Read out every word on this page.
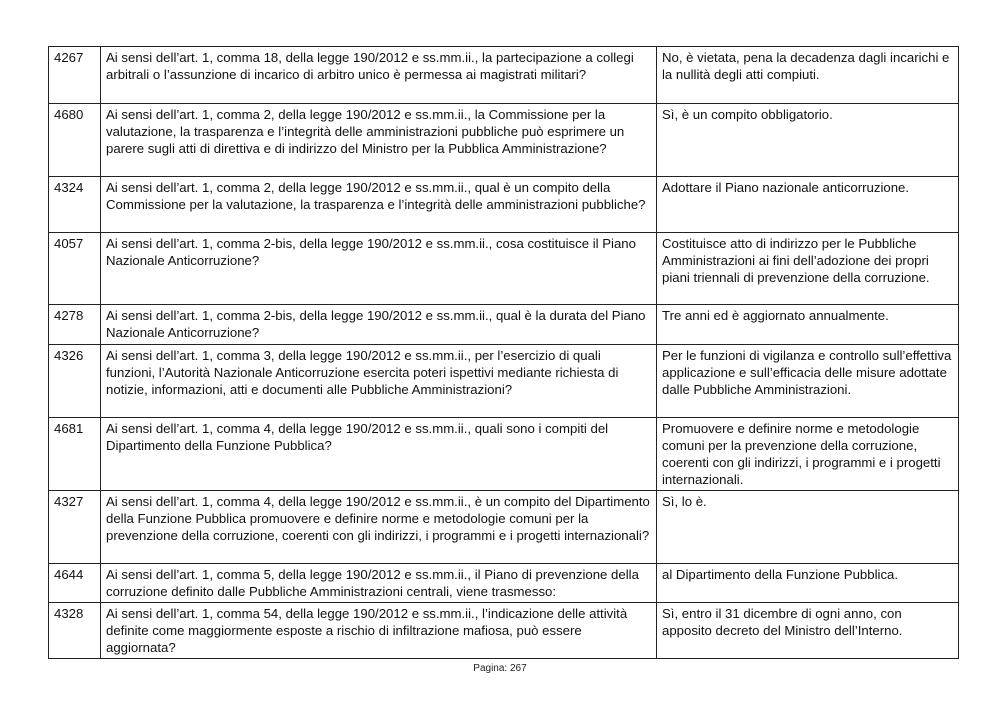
4267	Ai sensi dell’art. 1, comma 18, della legge 190/2012 e ss.mm.ii., la partecipazione a collegi arbitrali o l’assunzione di incarico di arbitro unico è permessa ai magistrati militari?	No, è vietata, pena la decadenza dagli incarichi e la nullità degli atti compiuti.
4680	Ai sensi dell’art. 1, comma 2, della legge 190/2012 e ss.mm.ii., la Commissione per la valutazione, la trasparenza e l’integrità delle amministrazioni pubbliche può esprimere un parere sugli atti di direttiva e di indirizzo del Ministro per la Pubblica Amministrazione?	Sì, è un compito obbligatorio.
4324	Ai sensi dell’art. 1, comma 2, della legge 190/2012 e ss.mm.ii., qual è un compito della Commissione per la valutazione, la trasparenza e l’integrità delle amministrazioni pubbliche?	Adottare il Piano nazionale anticorruzione.
4057	Ai sensi dell’art. 1, comma 2-bis, della legge 190/2012 e ss.mm.ii., cosa costituisce il Piano Nazionale Anticorruzione?	Costituisce atto di indirizzo per le Pubbliche Amministrazioni ai fini dell’adozione dei propri piani triennali di prevenzione della corruzione.
4278	Ai sensi dell’art. 1, comma 2-bis, della legge 190/2012 e ss.mm.ii., qual è la durata del Piano Nazionale Anticorruzione?	Tre anni ed è aggiornato annualmente.
4326	Ai sensi dell’art. 1, comma 3, della legge 190/2012 e ss.mm.ii., per l’esercizio di quali funzioni, l’Autorità Nazionale Anticorruzione esercita poteri ispettivi mediante richiesta di notizie, informazioni, atti e documenti alle Pubbliche Amministrazioni?	Per le funzioni di vigilanza e controllo sull’effettiva applicazione e sull’efficacia delle misure adottate dalle Pubbliche Amministrazioni.
4681	Ai sensi dell’art. 1, comma 4, della legge 190/2012 e ss.mm.ii., quali sono i compiti del Dipartimento della Funzione Pubblica?	Promuovere e definire norme e metodologie comuni per la prevenzione della corruzione, coerenti con gli indirizzi, i programmi e i progetti internazionali.
4327	Ai sensi dell’art. 1, comma 4, della legge 190/2012 e ss.mm.ii., è un compito del Dipartimento della Funzione Pubblica promuovere e definire norme e metodologie comuni per la prevenzione della corruzione, coerenti con gli indirizzi, i programmi e i progetti internazionali?	Sì, lo è.
4644	Ai sensi dell’art. 1, comma 5, della legge 190/2012 e ss.mm.ii., il Piano di prevenzione della corruzione definito dalle Pubbliche Amministrazioni centrali, viene trasmesso:	al Dipartimento della Funzione Pubblica.
4328	Ai sensi dell’art. 1, comma 54, della legge 190/2012 e ss.mm.ii., l’indicazione delle attività definite come maggiormente esposte a rischio di infiltrazione mafiosa, può essere aggiornata?	Sì, entro il 31 dicembre di ogni anno, con apposito decreto del Ministro dell’Interno.
Pagina: 267
